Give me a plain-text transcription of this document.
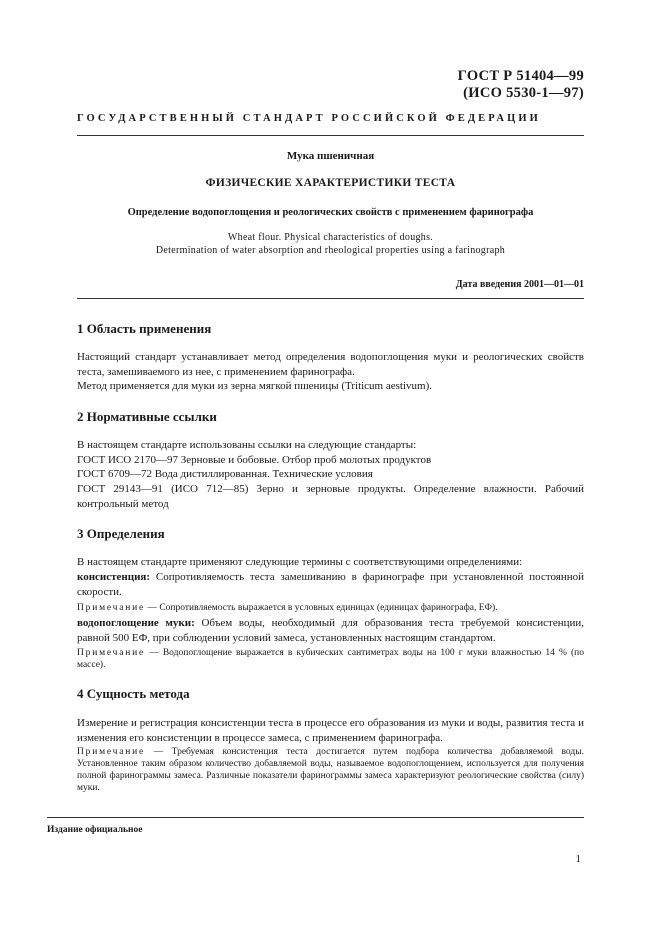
ГОСТ Р 51404—99
(ИСО 5530-1—97)
ГОСУДАРСТВЕННЫЙ СТАНДАРТ РОССИЙСКОЙ ФЕДЕРАЦИИ
Мука пшеничная
ФИЗИЧЕСКИЕ ХАРАКТЕРИСТИКИ ТЕСТА
Определение водопоглощения и реологических свойств с применением фаринографа
Wheat flour. Physical characteristics of doughs.
Determination of water absorption and rheological properties using a farinograph
Дата введения 2001—01—01
1 Область применения
Настоящий стандарт устанавливает метод определения водопоглощения муки и реологических свойств теста, замешиваемого из нее, с применением фаринографа.
Метод применяется для муки из зерна мягкой пшеницы (Triticum aestivum).
2 Нормативные ссылки
В настоящем стандарте использованы ссылки на следующие стандарты:
ГОСТ ИСО 2170—97 Зерновые и бобовые. Отбор проб молотых продуктов
ГОСТ 6709—72 Вода дистиллированная. Технические условия
ГОСТ 29143—91 (ИСО 712—85) Зерно и зерновые продукты. Определение влажности. Рабочий контрольный метод
3 Определения
В настоящем стандарте применяют следующие термины с соответствующими определениями:
консистенция: Сопротивляемость теста замешиванию в фаринографе при установленной постоянной скорости.
Примечание — Сопротивляемость выражается в условных единицах (единицах фаринографа, ЕФ).
водопоглощение муки: Объем воды, необходимый для образования теста требуемой консистенции, равной 500 ЕФ, при соблюдении условий замеса, установленных настоящим стандартом.
Примечание — Водопоглощение выражается в кубических сантиметрах воды на 100 г муки влажностью 14 % (по массе).
4 Сущность метода
Измерение и регистрация консистенции теста в процессе его образования из муки и воды, развития теста и изменения его консистенции в процессе замеса, с применением фаринографа.
Примечание — Требуемая консистенция теста достигается путем подбора количества добавляемой воды. Установленное таким образом количество добавляемой воды, называемое водопоглощением, используется для получения полной фаринограммы замеса. Различные показатели фаринограммы замеса характеризуют реологические свойства (силу) муки.
Издание официальное
1
